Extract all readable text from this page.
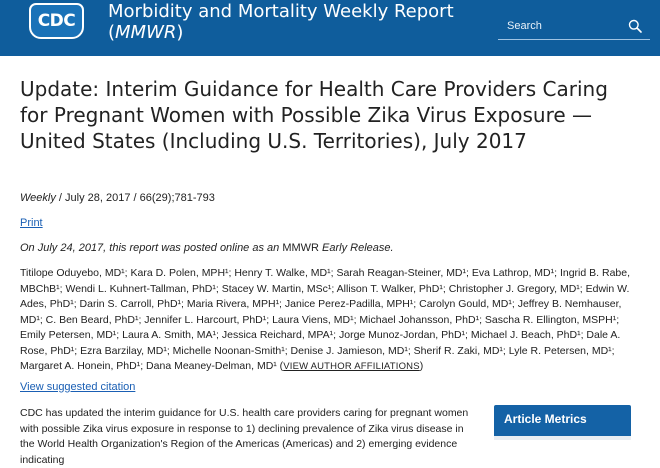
CDC Morbidity and Mortality Weekly Report
(MMWR)
Search
Update: Interim Guidance for Health Care Providers Caring for Pregnant Women with Possible Zika Virus Exposure — United States (Including U.S. Territories), July 2017
Weekly / July 28, 2017 / 66(29);781-793
Print
On July 24, 2017, this report was posted online as an MMWR Early Release.
Titilope Oduyebo, MD¹; Kara D. Polen, MPH¹; Henry T. Walke, MD¹; Sarah Reagan-Steiner, MD¹; Eva Lathrop, MD¹; Ingrid B. Rabe, MBChB¹; Wendi L. Kuhnert-Tallman, PhD¹; Stacey W. Martin, MSc¹; Allison T. Walker, PhD¹; Christopher J. Gregory, MD¹; Edwin W. Ades, PhD¹; Darin S. Carroll, PhD¹; Maria Rivera, MPH¹; Janice Perez-Padilla, MPH¹; Carolyn Gould, MD¹; Jeffrey B. Nemhauser, MD¹; C. Ben Beard, PhD¹; Jennifer L. Harcourt, PhD¹; Laura Viens, MD¹; Michael Johansson, PhD¹; Sascha R. Ellington, MSPH¹; Emily Petersen, MD¹; Laura A. Smith, MA¹; Jessica Reichard, MPA¹; Jorge Munoz-Jordan, PhD¹; Michael J. Beach, PhD¹; Dale A. Rose, PhD¹; Ezra Barzilay, MD¹; Michelle Noonan-Smith¹; Denise J. Jamieson, MD¹; Sherif R. Zaki, MD¹; Lyle R. Petersen, MD¹; Margaret A. Honein, PhD¹; Dana Meaney-Delman, MD¹ (VIEW AUTHOR AFFILIATIONS)
View suggested citation
CDC has updated the interim guidance for U.S. health care providers caring for pregnant women with possible Zika virus exposure in response to 1) declining prevalence of Zika virus disease in the World Health Organization's Region of the Americas (Americas) and 2) emerging evidence indicating
Article Metrics
